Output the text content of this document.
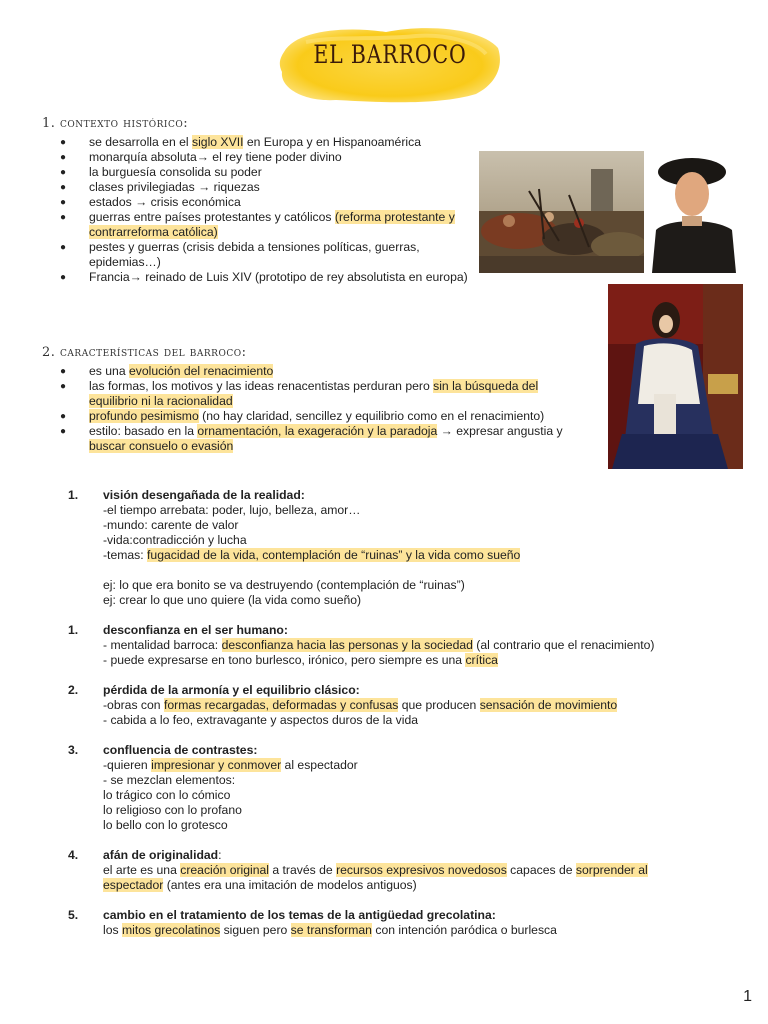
EL BARROCO
1. contexto histórico:
● se desarrolla en el siglo XVII en Europa y en Hispanoamérica
● monarquía absoluta→ el rey tiene poder divino
● la burguesía consolida su poder
● clases privilegiadas → riquezas
● estados → crisis económica
● guerras entre países protestantes y católicos (reforma protestante y contrarreforma católica)
● pestes y guerras (crisis debida a tensiones políticas, guerras, epidemias…)
● Francia→ reinado de Luis XIV (prototipo de rey absolutista en europa)
2. características del barroco:
● es una evolución del renacimiento
● las formas, los motivos y las ideas renacentistas perduran pero sin la búsqueda del equilibrio ni la racionalidad
● profundo pesimismo (no hay claridad, sencillez y equilibrio como en el renacimiento)
● estilo: basado en la ornamentación, la exageración y la paradoja → expresar angustia y buscar consuelo o evasión
1.	visión desengañada de la realidad:
-el tiempo arrebata: poder, lujo, belleza, amor…
-mundo: carente de valor
-vida:contradicción y lucha
-temas: fugacidad de la vida, contemplación de “ruinas” y la vida como sueño

ej: lo que era bonito se va destruyendo (contemplación de “ruinas”)
ej: crear lo que uno quiere (la vida como sueño)
1.	desconfianza en el ser humano:
- mentalidad barroca: desconfianza hacia las personas y la sociedad (al contrario que el renacimiento)
- puede expresarse en tono burlesco, irónico, pero siempre es una crítica
2.	pérdida de la armonía y el equilibrio clásico:
-obras con formas recargadas, deformadas y confusas que producen sensación de movimiento
- cabida a lo feo, extravagante y aspectos duros de la vida
3.	confluencia de contrastes:
-quieren impresionar y conmover al espectador
- se mezclan elementos:
lo trágico con lo cómico
lo religioso con lo profano
lo bello con lo grotesco
4.	afán de originalidad:
el arte es una creación original a través de recursos expresivos novedosos capaces de sorprender al
espectador (antes era una imitación de modelos antiguos)
5.	cambio en el tratamiento de los temas de la antigüedad grecolatina:
los mitos grecolatinos siguen pero se transforman con intención paródica o burlesca
1
